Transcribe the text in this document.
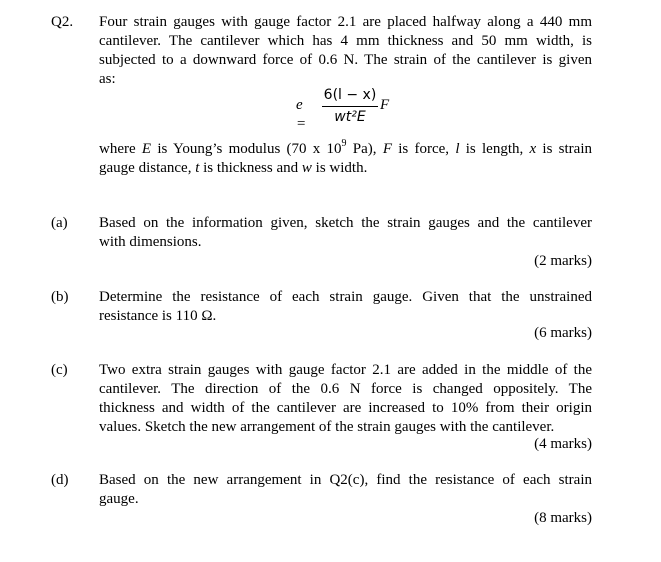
Q2. Four strain gauges with gauge factor 2.1 are placed halfway along a 440 mm
cantilever. The cantilever which has 4 mm thickness and 50 mm width, is
subjected to a downward force of 0.6 N. The strain of the cantilever is given
as:
e =
6(l − x)
wt²E
F
where E is Young’s modulus (70 x $10^9$ Pa), F is force, l is length, x is strain
gauge distance, t is thickness and w is width.
(a) Based on the information given, sketch the strain gauges and the cantilever
with dimensions.
(2 marks)
(b) Determine the resistance of each strain gauge. Given that the unstrained
resistance is 110 Ω.
(6 marks)
(c) Two extra strain gauges with gauge factor 2.1 are added in the middle of the
cantilever. The direction of the 0.6 N force is changed oppositely. The
thickness and width of the cantilever are increased to 10% from their origin
values. Sketch the new arrangement of the strain gauges with the cantilever.
(4 marks)
(d) Based on the new arrangement in Q2(c), find the resistance of each strain
gauge.
(8 marks)
